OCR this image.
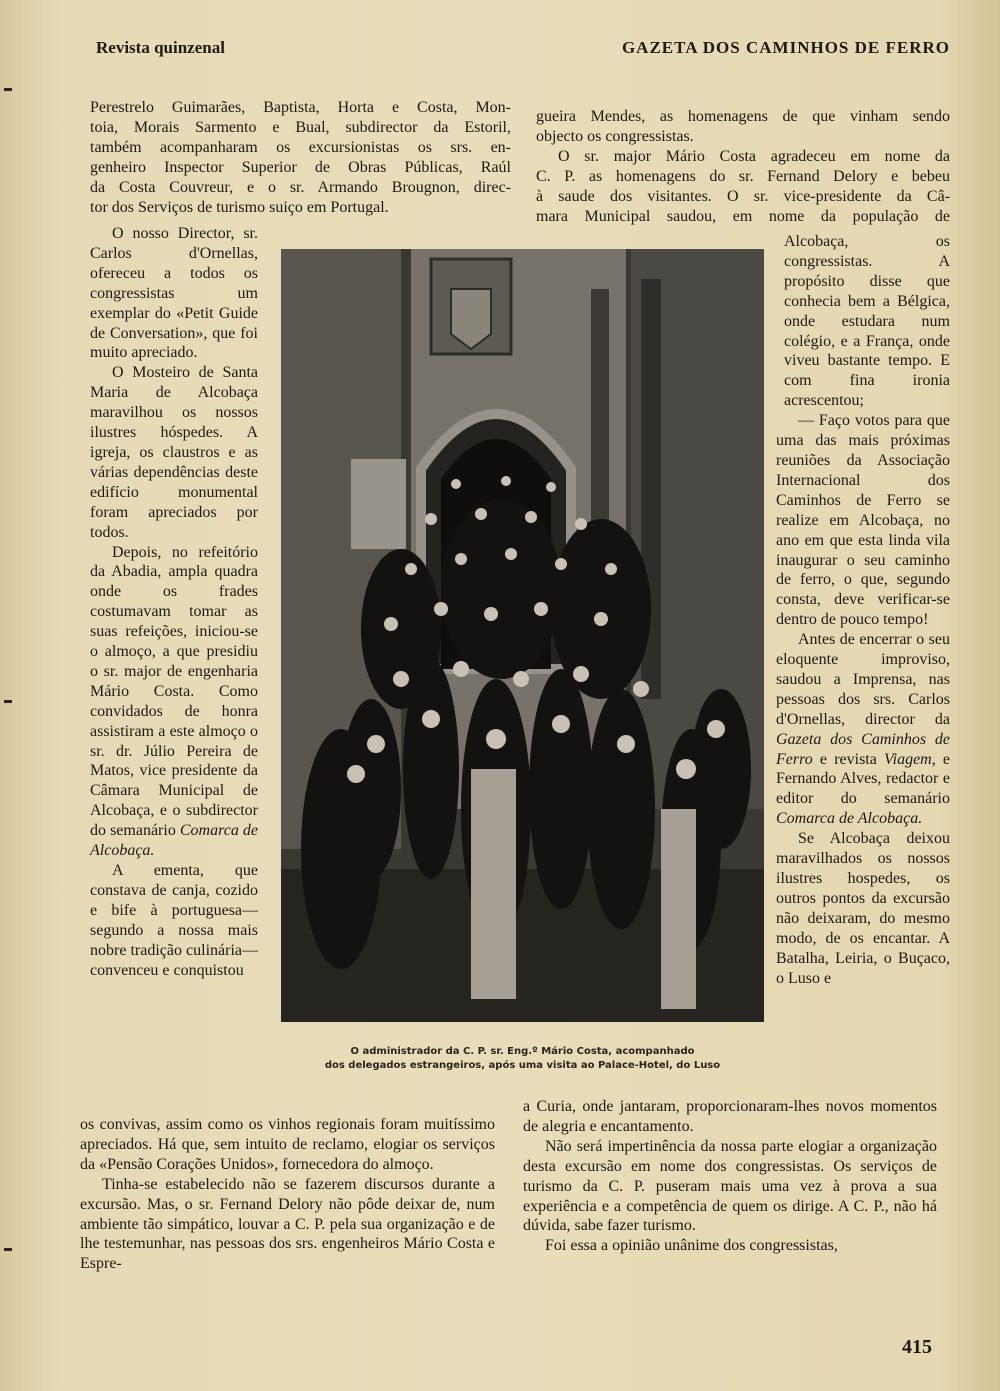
Revista quinzenal	GAZETA DOS CAMINHOS DE FERRO

Perestrelo Guimarães, Baptista, Horta e Costa, Mon-

toia, Morais Sarmento e Bual, subdirector da Estoril,

também acompanharam os excursionistas os srs. en-

genheiro Inspector Superior de Obras Públicas, Raúl

da Costa Couvreur, e o sr. Armando Brougnon, direc-

tor dos Serviços de turismo suiço em Portugal.

O nosso Director, sr. Carlos d'Ornellas, ofereceu a todos os congressistas um exemplar do «Petit Guide de Conversation», que foi muito apreciado.

O Mosteiro de Santa Maria de Alcobaça maravilhou os nossos ilustres hóspedes. A igreja, os claustros e as várias dependências deste edifício monumental foram apreciados por todos.

Depois, no refeitório da Abadia, ampla quadra onde os frades costumavam tomar as suas refeições, iniciou-se o almoço, a que presidiu o sr. major de engenharia Mário Costa. Como convidados de honra assistiram a este almoço o sr. dr. Júlio Pereira de Matos, vice presidente da Câmara Municipal de Alcobaça, e o subdirector do semanário Comarca de Alcobaça.

A ementa, que constava de canja, cozido e bife à portuguesa—segundo a nossa mais nobre tradição culinária—convenceu e conquistou

gueira Mendes, as homenagens de que vinham sendo

objecto os congressistas.

O sr. major Mário Costa agradeceu em nome da

C. P. as homenagens do sr. Fernand Delory e bebeu

à saude dos visitantes. O sr. vice-presidente da Câ-

mara Municipal saudou, em nome da população de

Alcobaça, os congressistas. A propósito disse que conhecia bem a Bélgica, onde estudara num colégio, e a França, onde viveu bastante tempo. E com fina ironia acrescentou;

— Faço votos para que uma das mais próximas reuniões da Associação Internacional dos Caminhos de Ferro se realize em Alcobaça, no ano em que esta linda vila inaugurar o seu caminho de ferro, o que, segundo consta, deve verificar-se dentro de pouco tempo!

Antes de encerrar o seu eloquente improviso, saudou a Imprensa, nas pessoas dos srs. Carlos d'Ornellas, director da Gazeta dos Caminhos de Ferro e revista Viagem, e Fernando Alves, redactor e editor do semanário Comarca de Alcobaça.

Se Alcobaça deixou maravilhados os nossos ilustres hospedes, os outros pontos da excursão não deixaram, do mesmo modo, de os encantar. A Batalha, Leiria, o Buçaco, o Luso e

O administrador da C. P. sr. Eng.º Mário Costa, acompanhado
dos delegados estrangeiros, após uma visita ao Palace-Hotel, do Luso

os convivas, assim como os vinhos regionais foram muitíssimo apreciados. Há que, sem intuito de reclamo, elogiar os serviços da «Pensão Corações Unidos», fornecedora do almoço.

Tinha-se estabelecido não se fazerem discursos durante a excursão. Mas, o sr. Fernand Delory não pôde deixar de, num ambiente tão simpático, louvar a C. P. pela sua organização e de lhe testemunhar, nas pessoas dos srs. engenheiros Mário Costa e Espre-

a Curia, onde jantaram, proporcionaram-lhes novos momentos de alegria e encantamento.

Não será impertinência da nossa parte elogiar a organização desta excursão em nome dos congressistas. Os serviços de turismo da C. P. puseram mais uma vez à prova a sua experiência e a competência de quem os dirige. A C. P., não há dúvida, sabe fazer turismo.

Foi essa a opinião unânime dos congressistas,

415
